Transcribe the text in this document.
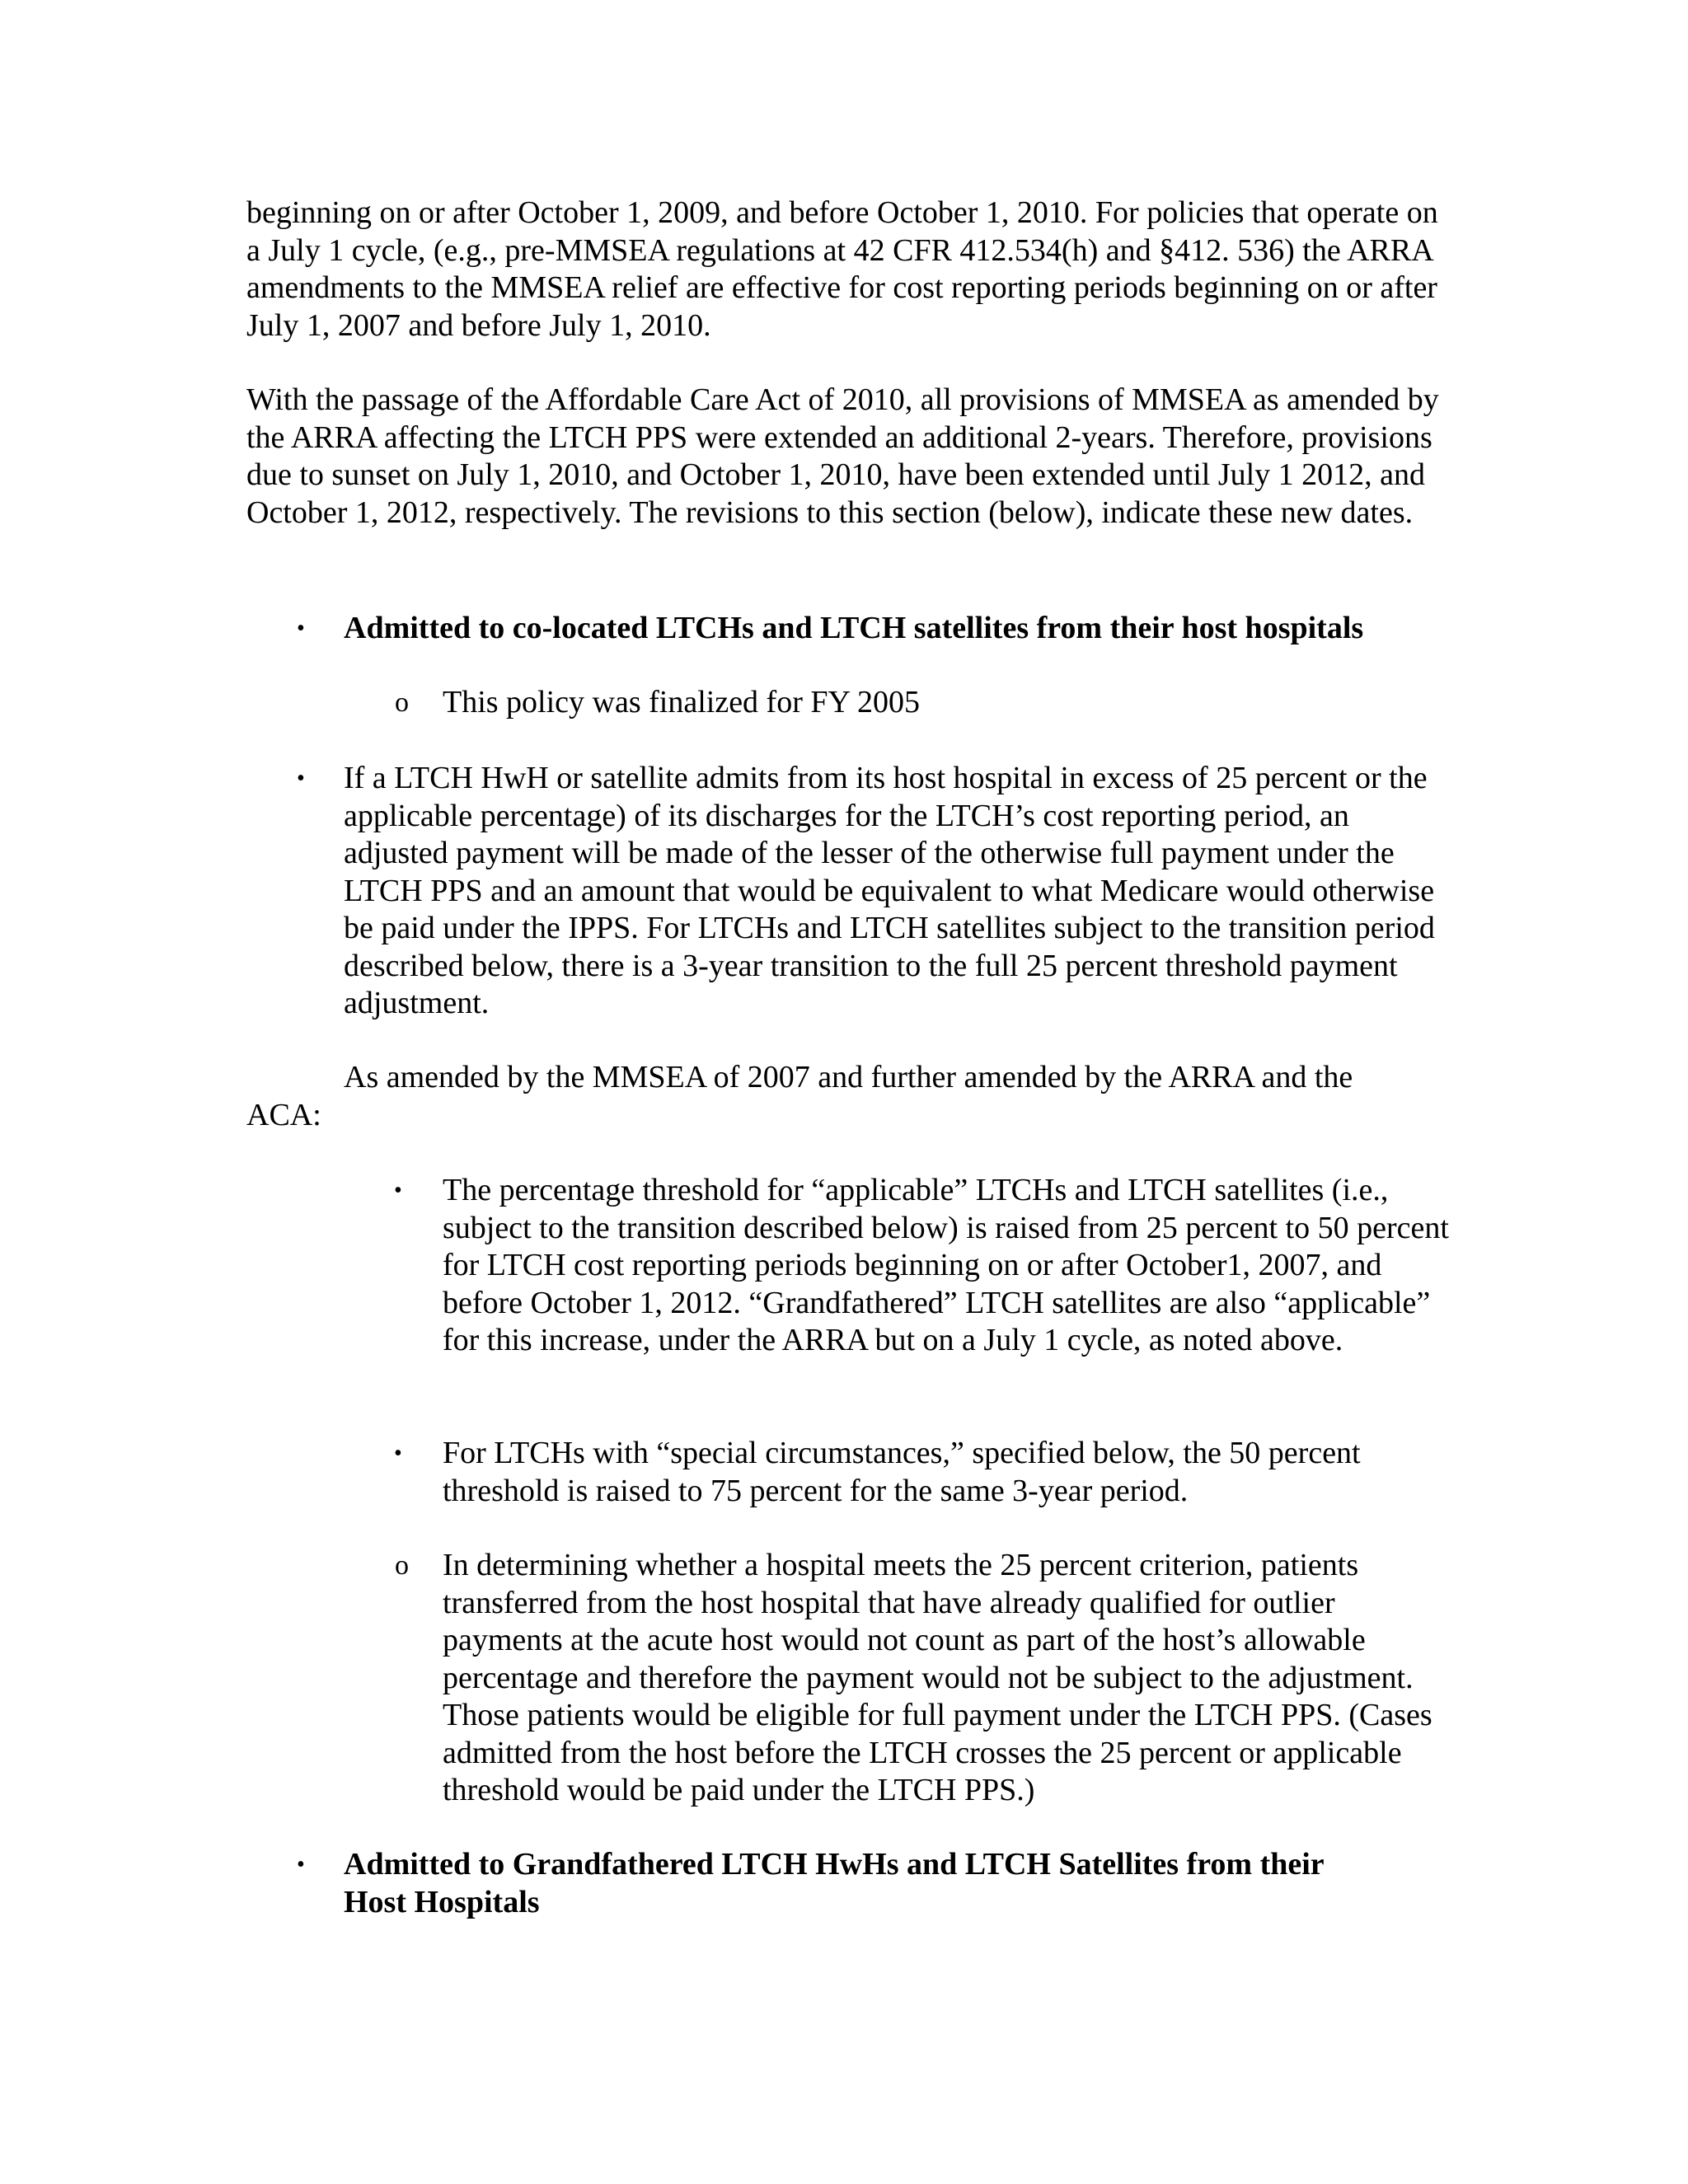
beginning on or after October 1, 2009, and before October 1, 2010. For policies that operate on a July 1 cycle, (e.g., pre-MMSEA regulations at 42 CFR 412.534(h) and §412. 536) the ARRA amendments to the MMSEA relief are effective for cost reporting periods beginning on or after July 1, 2007 and before July 1, 2010.

With the passage of the Affordable Care Act of 2010, all provisions of MMSEA as amended by the ARRA affecting the LTCH PPS were extended an additional 2-years. Therefore, provisions due to sunset on July 1, 2010, and October 1, 2010, have been extended until July 1 2012, and October 1, 2012, respectively. The revisions to this section (below), indicate these new dates.

• Admitted to co-located LTCHs and LTCH satellites from their host hospitals

o This policy was finalized for FY 2005

• If a LTCH HwH or satellite admits from its host hospital in excess of 25 percent or the applicable percentage) of its discharges for the LTCH’s cost reporting period, an adjusted payment will be made of the lesser of the otherwise full payment under the LTCH PPS and an amount that would be equivalent to what Medicare would otherwise be paid under the IPPS. For LTCHs and LTCH satellites subject to the transition period described below, there is a 3-year transition to the full 25 percent threshold payment adjustment.

As amended by the MMSEA of 2007 and further amended by the ARRA and the

ACA:

• The percentage threshold for “applicable” LTCHs and LTCH satellites (i.e., subject to the transition described below) is raised from 25 percent to 50 percent for LTCH cost reporting periods beginning on or after October1, 2007, and before October 1, 2012. “Grandfathered” LTCH satellites are also “applicable” for this increase, under the ARRA but on a July 1 cycle, as noted above.

• For LTCHs with “special circumstances,” specified below, the 50 percent threshold is raised to 75 percent for the same 3-year period.

o In determining whether a hospital meets the 25 percent criterion, patients transferred from the host hospital that have already qualified for outlier payments at the acute host would not count as part of the host’s allowable percentage and therefore the payment would not be subject to the adjustment. Those patients would be eligible for full payment under the LTCH PPS. (Cases admitted from the host before the LTCH crosses the 25 percent or applicable threshold would be paid under the LTCH PPS.)

• Admitted to Grandfathered LTCH HwHs and LTCH Satellites from their

Host Hospitals
